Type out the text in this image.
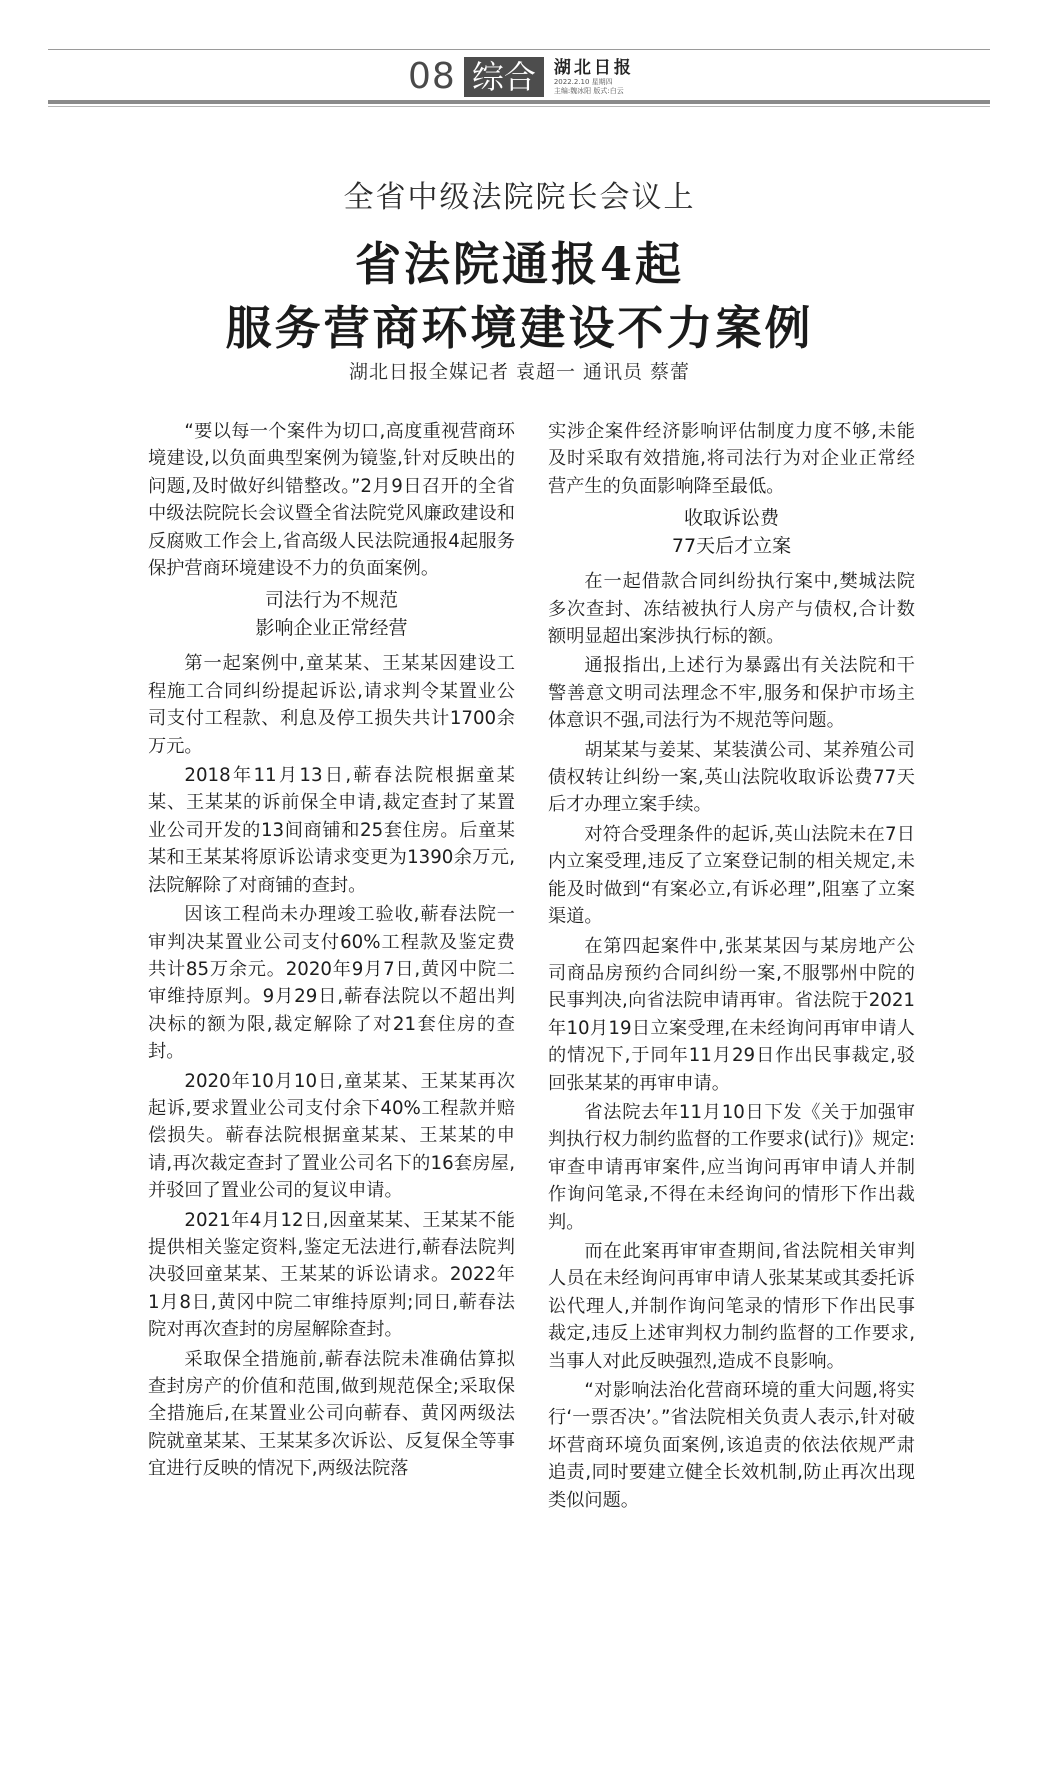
08 综合	湖北日报
2022.2.10 星期四
主编:魏冰阳 版式:白云
全省中级法院院长会议上
省法院通报4起
服务营商环境建设不力案例
湖北日报全媒记者 袁超一 通讯员 蔡蕾

“要以每一个案件为切口,高度重视营商环境建设,以负面典型案例为镜鉴,针对反映出的问题,及时做好纠错整改。”2月9日召开的全省中级法院院长会议暨全省法院党风廉政建设和反腐败工作会上,省高级人民法院通报4起服务保护营商环境建设不力的负面案例。

司法行为不规范
影响企业正常经营

第一起案例中,童某某、王某某因建设工程施工合同纠纷提起诉讼,请求判令某置业公司支付工程款、利息及停工损失共计1700余万元。

2018年11月13日,蕲春法院根据童某某、王某某的诉前保全申请,裁定查封了某置业公司开发的13间商铺和25套住房。后童某某和王某某将原诉讼请求变更为1390余万元,法院解除了对商铺的查封。

因该工程尚未办理竣工验收,蕲春法院一审判决某置业公司支付60%工程款及鉴定费共计85万余元。2020年9月7日,黄冈中院二审维持原判。9月29日,蕲春法院以不超出判决标的额为限,裁定解除了对21套住房的查封。

2020年10月10日,童某某、王某某再次起诉,要求置业公司支付余下40%工程款并赔偿损失。蕲春法院根据童某某、王某某的申请,再次裁定查封了置业公司名下的16套房屋,并驳回了置业公司的复议申请。

2021年4月12日,因童某某、王某某不能提供相关鉴定资料,鉴定无法进行,蕲春法院判决驳回童某某、王某某的诉讼请求。2022年1月8日,黄冈中院二审维持原判;同日,蕲春法院对再次查封的房屋解除查封。

采取保全措施前,蕲春法院未准确估算拟查封房产的价值和范围,做到规范保全;采取保全措施后,在某置业公司向蕲春、黄冈两级法院就童某某、王某某多次诉讼、反复保全等事宜进行反映的情况下,两级法院落

实涉企案件经济影响评估制度力度不够,未能及时采取有效措施,将司法行为对企业正常经营产生的负面影响降至最低。

收取诉讼费
77天后才立案

在一起借款合同纠纷执行案中,樊城法院多次查封、冻结被执行人房产与债权,合计数额明显超出案涉执行标的额。

通报指出,上述行为暴露出有关法院和干警善意文明司法理念不牢,服务和保护市场主体意识不强,司法行为不规范等问题。

胡某某与姜某、某装潢公司、某养殖公司债权转让纠纷一案,英山法院收取诉讼费77天后才办理立案手续。

对符合受理条件的起诉,英山法院未在7日内立案受理,违反了立案登记制的相关规定,未能及时做到“有案必立,有诉必理”,阻塞了立案渠道。

在第四起案件中,张某某因与某房地产公司商品房预约合同纠纷一案,不服鄂州中院的民事判决,向省法院申请再审。省法院于2021年10月19日立案受理,在未经询问再审申请人的情况下,于同年11月29日作出民事裁定,驳回张某某的再审申请。

省法院去年11月10日下发《关于加强审判执行权力制约监督的工作要求(试行)》规定:审查申请再审案件,应当询问再审申请人并制作询问笔录,不得在未经询问的情形下作出裁判。

而在此案再审审查期间,省法院相关审判人员在未经询问再审申请人张某某或其委托诉讼代理人,并制作询问笔录的情形下作出民事裁定,违反上述审判权力制约监督的工作要求,当事人对此反映强烈,造成不良影响。

“对影响法治化营商环境的重大问题,将实行‘一票否决’。”省法院相关负责人表示,针对破坏营商环境负面案例,该追责的依法依规严肃追责,同时要建立健全长效机制,防止再次出现类似问题。
